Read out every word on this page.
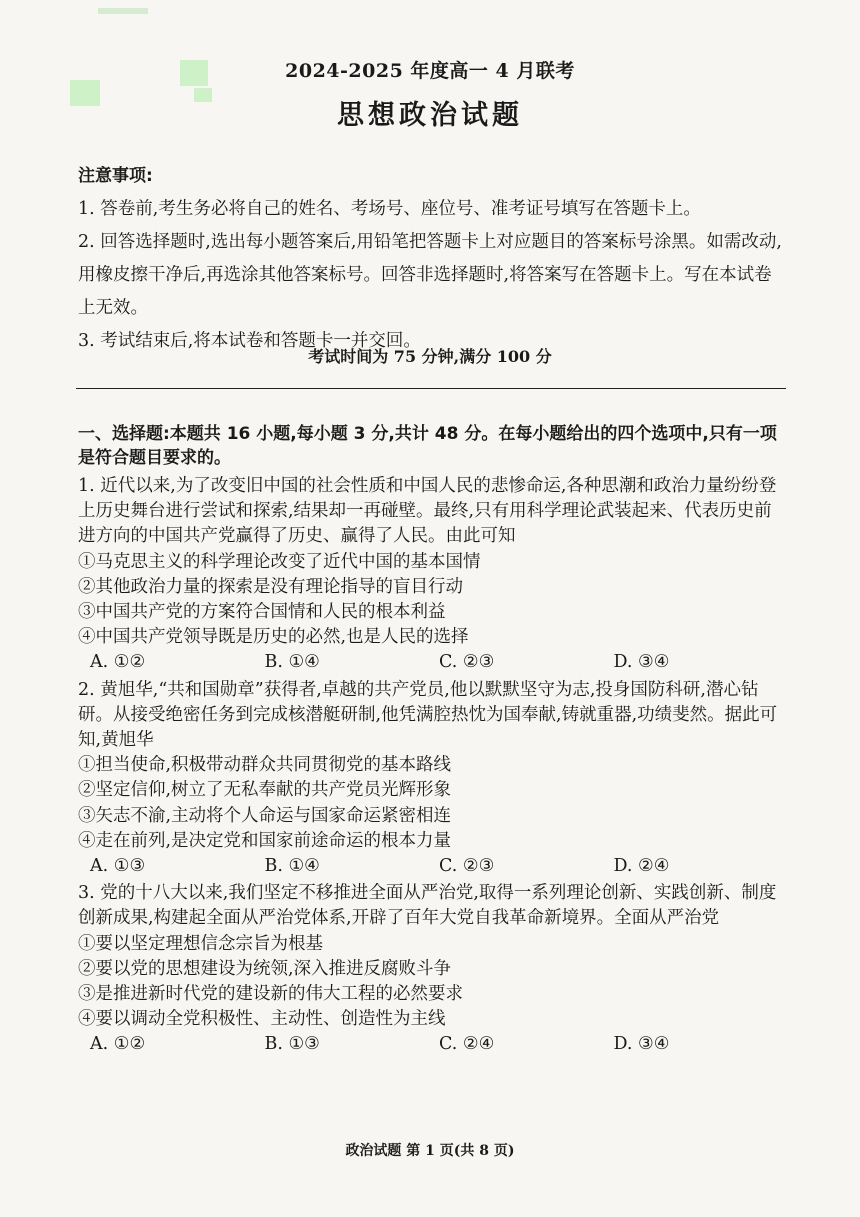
2024-2025 年度高一 4 月联考
思想政治试题
注意事项:

1. 答卷前,考生务必将自己的姓名、考场号、座位号、准考证号填写在答题卡上。

2. 回答选择题时,选出每小题答案后,用铅笔把答题卡上对应题目的答案标号涂黑。如需改动,用橡皮擦干净后,再选涂其他答案标号。回答非选择题时,将答案写在答题卡上。写在本试卷上无效。

3. 考试结束后,将本试卷和答题卡一并交回。

考试时间为 75 分钟,满分 100 分
一、选择题:本题共 16 小题,每小题 3 分,共计 48 分。在每小题给出的四个选项中,只有一项是符合题目要求的。

1. 近代以来,为了改变旧中国的社会性质和中国人民的悲惨命运,各种思潮和政治力量纷纷登上历史舞台进行尝试和探索,结果却一再碰壁。最终,只有用科学理论武装起来、代表历史前进方向的中国共产党赢得了历史、赢得了人民。由此可知

①马克思主义的科学理论改变了近代中国的基本国情

②其他政治力量的探索是没有理论指导的盲目行动

③中国共产党的方案符合国情和人民的根本利益

④中国共产党领导既是历史的必然,也是人民的选择

A. ①②	B. ①④	C. ②③	D. ③④

2. 黄旭华,“共和国勋章”获得者,卓越的共产党员,他以默默坚守为志,投身国防科研,潜心钻研。从接受绝密任务到完成核潜艇研制,他凭满腔热忱为国奉献,铸就重器,功绩斐然。据此可知,黄旭华

①担当使命,积极带动群众共同贯彻党的基本路线

②坚定信仰,树立了无私奉献的共产党员光辉形象

③矢志不渝,主动将个人命运与国家命运紧密相连

④走在前列,是决定党和国家前途命运的根本力量

A. ①③	B. ①④	C. ②③	D. ②④

3. 党的十八大以来,我们坚定不移推进全面从严治党,取得一系列理论创新、实践创新、制度创新成果,构建起全面从严治党体系,开辟了百年大党自我革命新境界。全面从严治党

①要以坚定理想信念宗旨为根基

②要以党的思想建设为统领,深入推进反腐败斗争

③是推进新时代党的建设新的伟大工程的必然要求

④要以调动全党积极性、主动性、创造性为主线

A. ①②	B. ①③	C. ②④	D. ③④
政治试题 第 1 页(共 8 页)
